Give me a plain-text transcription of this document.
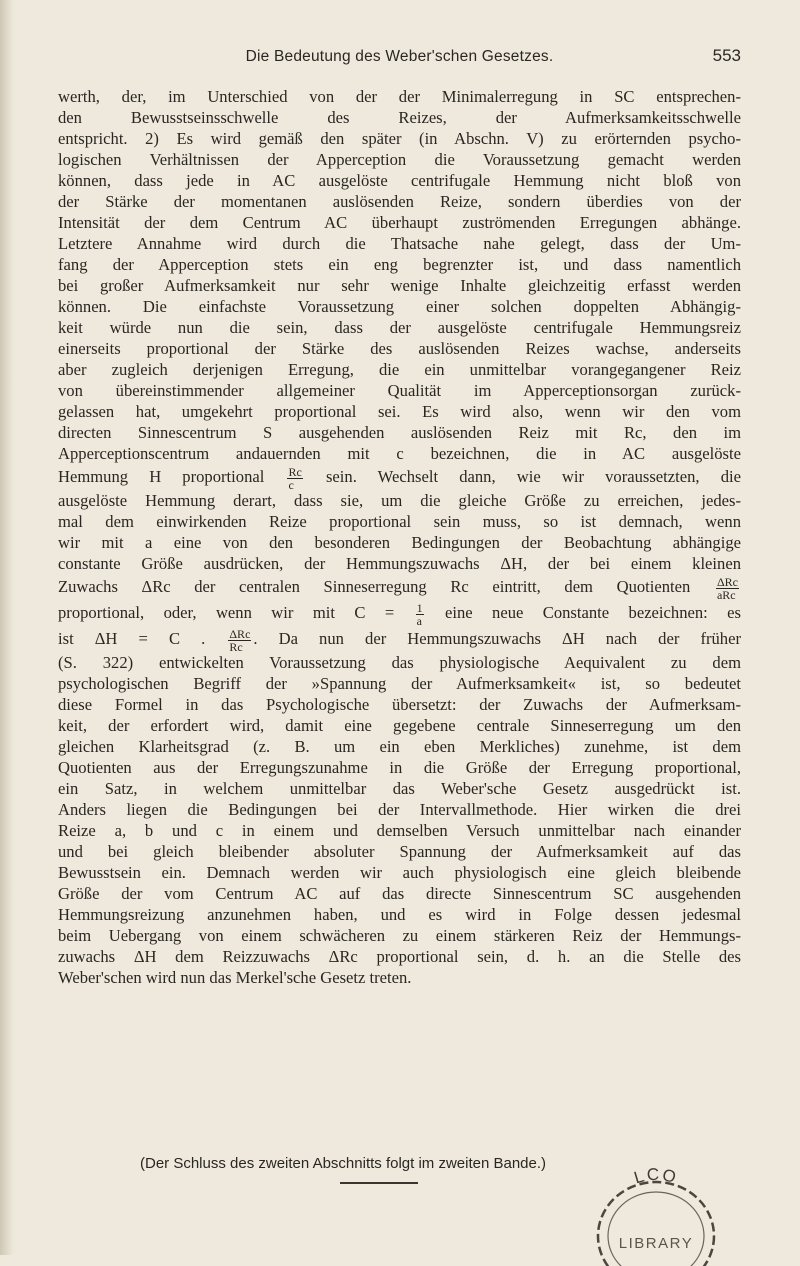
Die Bedeutung des Weber'schen Gesetzes.	553
werth, der, im Unterschied von der der Minimalerregung in SC entsprechen-
den Bewusstseinsschwelle des Reizes, der Aufmerksamkeitsschwelle
entspricht. 2) Es wird gemäß den später (in Abschn. V) zu erörternden psycho-
logischen Verhältnissen der Apperception die Voraussetzung gemacht werden
können, dass jede in AC ausgelöste centrifugale Hemmung nicht bloß von
der Stärke der momentanen auslösenden Reize, sondern überdies von der
Intensität der dem Centrum AC überhaupt zuströmenden Erregungen abhänge.
Letztere Annahme wird durch die Thatsache nahe gelegt, dass der Um-
fang der Apperception stets ein eng begrenzter ist, und dass namentlich
bei großer Aufmerksamkeit nur sehr wenige Inhalte gleichzeitig erfasst werden
können. Die einfachste Voraussetzung einer solchen doppelten Abhängig-
keit würde nun die sein, dass der ausgelöste centrifugale Hemmungsreiz
einerseits proportional der Stärke des auslösenden Reizes wachse, anderseits
aber zugleich derjenigen Erregung, die ein unmittelbar vorangegangener Reiz
von übereinstimmender allgemeiner Qualität im Apperceptionsorgan zurück-
gelassen hat, umgekehrt proportional sei. Es wird also, wenn wir den vom
directen Sinnescentrum S ausgehenden auslösenden Reiz mit Rc, den im
Apperceptionscentrum andauernden mit c bezeichnen, die in AC ausgelöste
Hemmung H proportional $\frac{Rc}{c}$ sein. Wechselt dann, wie wir voraussetzten, die
ausgelöste Hemmung derart, dass sie, um die gleiche Größe zu erreichen, jedes-
mal dem einwirkenden Reize proportional sein muss, so ist demnach, wenn
wir mit a eine von den besonderen Bedingungen der Beobachtung abhängige
constante Größe ausdrücken, der Hemmungszuwachs ΔH, der bei einem kleinen
Zuwachs ΔRc der centralen Sinneserregung Rc eintritt, dem Quotienten $\frac{\text{ΔRc}}{\text{aRc}}$
proportional, oder, wenn wir mit $C = \frac{1}{a}$ eine neue Constante bezeichnen: es
ist ΔH = C . $\frac{\text{ΔRc}}{Rc}$ . Da nun der Hemmungszuwachs ΔH nach der früher
(S. 322) entwickelten Voraussetzung das physiologische Aequivalent zu dem
psychologischen Begriff der »Spannung der Aufmerksamkeit« ist, so bedeutet
diese Formel in das Psychologische übersetzt: der Zuwachs der Aufmerksam-
keit, der erfordert wird, damit eine gegebene centrale Sinneserregung um den
gleichen Klarheitsgrad (z. B. um ein eben Merkliches) zunehme, ist dem
Quotienten aus der Erregungszunahme in die Größe der Erregung proportional,
ein Satz, in welchem unmittelbar das Weber'sche Gesetz ausgedrückt ist.
Anders liegen die Bedingungen bei der Intervallmethode. Hier wirken die drei
Reize a, b und c in einem und demselben Versuch unmittelbar nach einander
und bei gleich bleibender absoluter Spannung der Aufmerksamkeit auf das
Bewusstsein ein. Demnach werden wir auch physiologisch eine gleich bleibende
Größe der vom Centrum AC auf das directe Sinnescentrum SC ausgehenden
Hemmungsreizung anzunehmen haben, und es wird in Folge dessen jedesmal
beim Uebergang von einem schwächeren zu einem stärkeren Reiz der Hemmungs-
zuwachs ΔH dem Reizzuwachs ΔRc proportional sein, d. h. an die Stelle des
Weber'schen wird nun das Merkel'sche Gesetz treten.
(Der Schluss des zweiten Abschnitts folgt im zweiten Bande.)
LCO
LIBRARY
